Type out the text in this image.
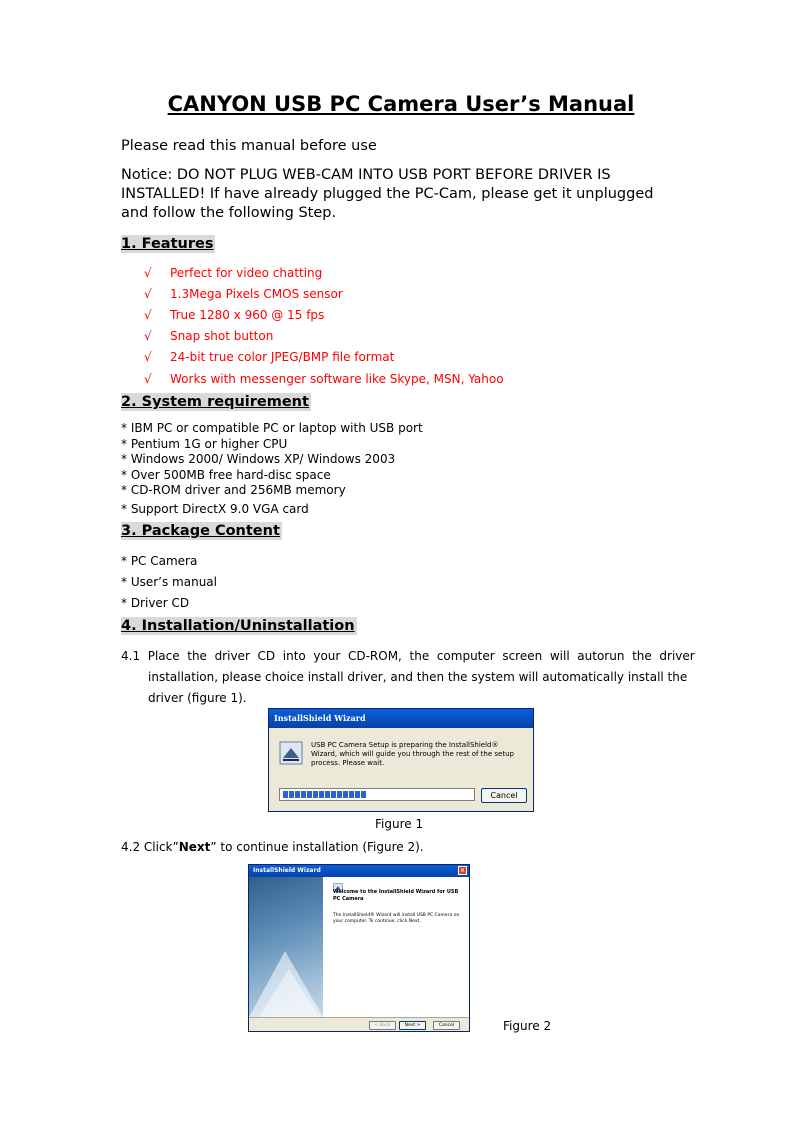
CANYON USB PC Camera User’s Manual
Please read this manual before use
Notice: DO NOT PLUG WEB-CAM INTO USB PORT BEFORE DRIVER IS
INSTALLED! If have already plugged the PC-Cam, please get it unplugged
and follow the following Step.
1. Features
√ Perfect for video chatting
√ 1.3Mega Pixels CMOS sensor
√ True 1280 x 960 @ 15 fps
√ Snap shot button
√ 24-bit true color JPEG/BMP file format
√ Works with messenger software like Skype, MSN, Yahoo
2. System requirement
* IBM PC or compatible PC or laptop with USB port
* Pentium 1G or higher CPU
* Windows 2000/ Windows XP/ Windows 2003
* Over 500MB free hard-disc space
* CD-ROM driver and 256MB memory
* Support DirectX 9.0 VGA card
3. Package Content
* PC Camera
* User’s manual
* Driver CD
4. Installation/Uninstallation
4.1  Place  the  driver  CD  into  your  CD-ROM,  the  computer  screen  will  autorun  the  driver
installation, please choice install driver, and then the system will automatically install the
driver (figure 1).
InstallShield Wizard
USB PC Camera Setup is preparing the InstallShield® Wizard, which will guide you through the rest of the setup process. Please wait.
Cancel
Figure 1
4.2 Click”Next” to continue installation (Figure 2).
InstallShield Wizard	×
Welcome to the InstallShield Wizard for USB PC Camera
The InstallShield® Wizard will install USB PC Camera on your computer. To continue, click Next.
< Back	Next >	Cancel	Figure 2
